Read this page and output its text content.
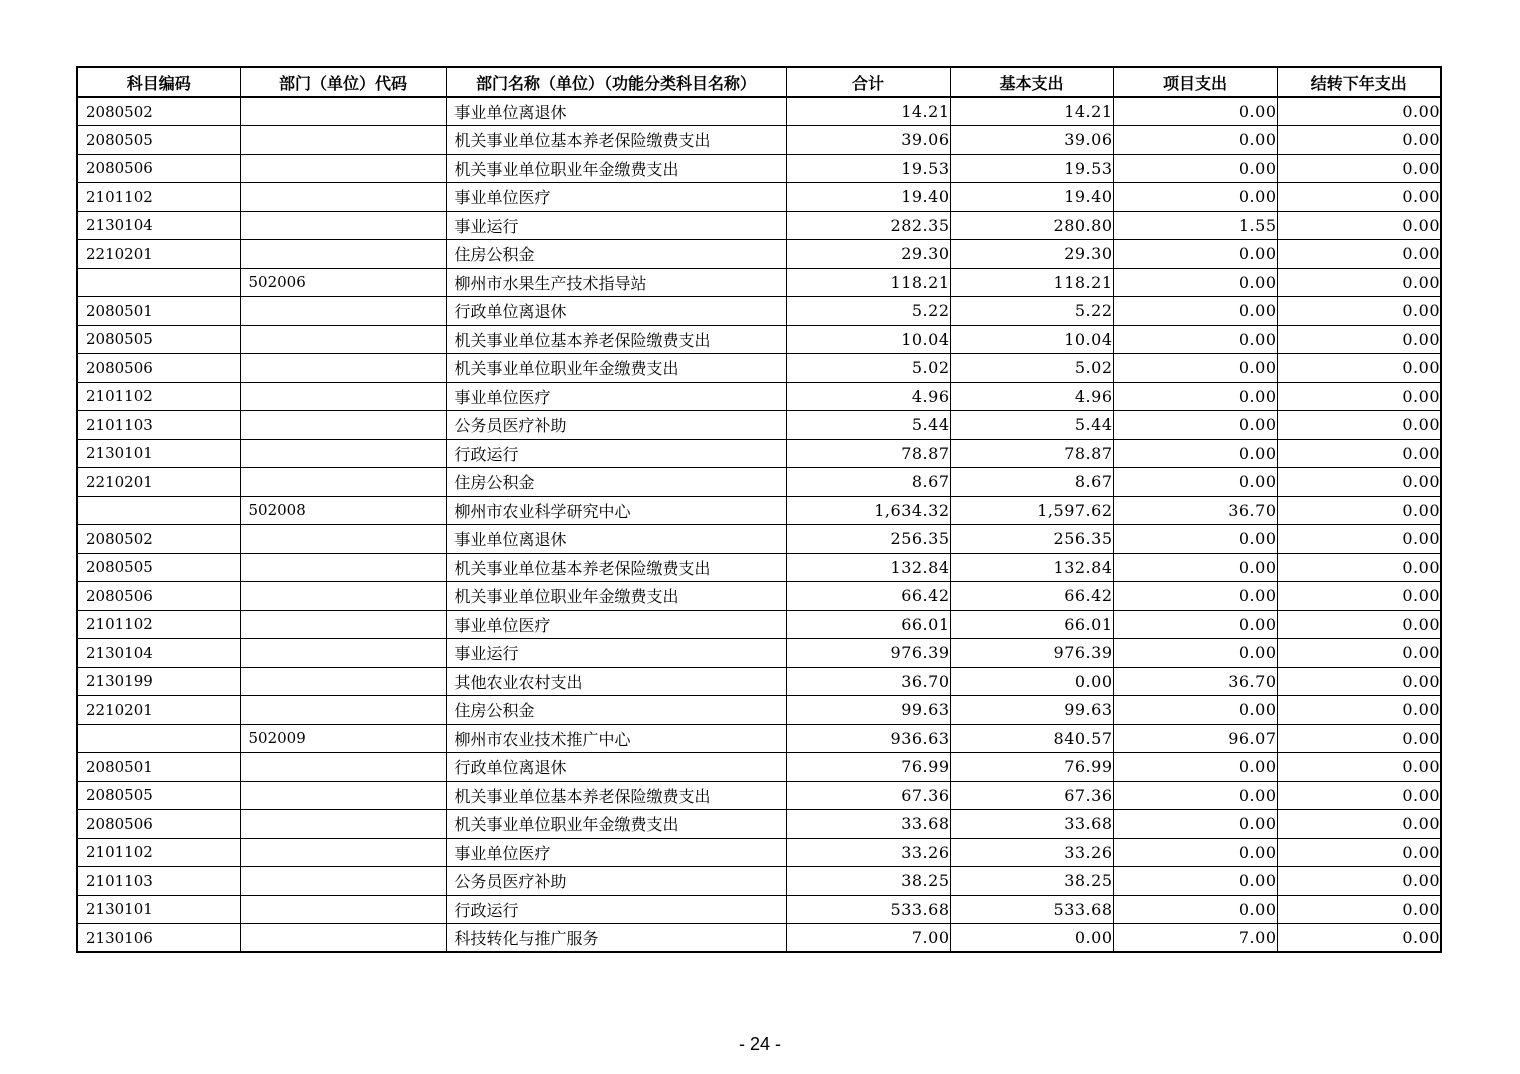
科目编码	部门（单位）代码	部门名称（单位）（功能分类科目名称）	合计	基本支出	项目支出	结转下年支出
2080502		事业单位离退休	14.21	14.21	0.00	0.00
2080505		机关事业单位基本养老保险缴费支出	39.06	39.06	0.00	0.00
2080506		机关事业单位职业年金缴费支出	19.53	19.53	0.00	0.00
2101102		事业单位医疗	19.40	19.40	0.00	0.00
2130104		事业运行	282.35	280.80	1.55	0.00
2210201		住房公积金	29.30	29.30	0.00	0.00
	502006	柳州市水果生产技术指导站	118.21	118.21	0.00	0.00
2080501		行政单位离退休	5.22	5.22	0.00	0.00
2080505		机关事业单位基本养老保险缴费支出	10.04	10.04	0.00	0.00
2080506		机关事业单位职业年金缴费支出	5.02	5.02	0.00	0.00
2101102		事业单位医疗	4.96	4.96	0.00	0.00
2101103		公务员医疗补助	5.44	5.44	0.00	0.00
2130101		行政运行	78.87	78.87	0.00	0.00
2210201		住房公积金	8.67	8.67	0.00	0.00
	502008	柳州市农业科学研究中心	1,634.32	1,597.62	36.70	0.00
2080502		事业单位离退休	256.35	256.35	0.00	0.00
2080505		机关事业单位基本养老保险缴费支出	132.84	132.84	0.00	0.00
2080506		机关事业单位职业年金缴费支出	66.42	66.42	0.00	0.00
2101102		事业单位医疗	66.01	66.01	0.00	0.00
2130104		事业运行	976.39	976.39	0.00	0.00
2130199		其他农业农村支出	36.70	0.00	36.70	0.00
2210201		住房公积金	99.63	99.63	0.00	0.00
	502009	柳州市农业技术推广中心	936.63	840.57	96.07	0.00
2080501		行政单位离退休	76.99	76.99	0.00	0.00
2080505		机关事业单位基本养老保险缴费支出	67.36	67.36	0.00	0.00
2080506		机关事业单位职业年金缴费支出	33.68	33.68	0.00	0.00
2101102		事业单位医疗	33.26	33.26	0.00	0.00
2101103		公务员医疗补助	38.25	38.25	0.00	0.00
2130101		行政运行	533.68	533.68	0.00	0.00
2130106		科技转化与推广服务	7.00	0.00	7.00	0.00
- 24 -
